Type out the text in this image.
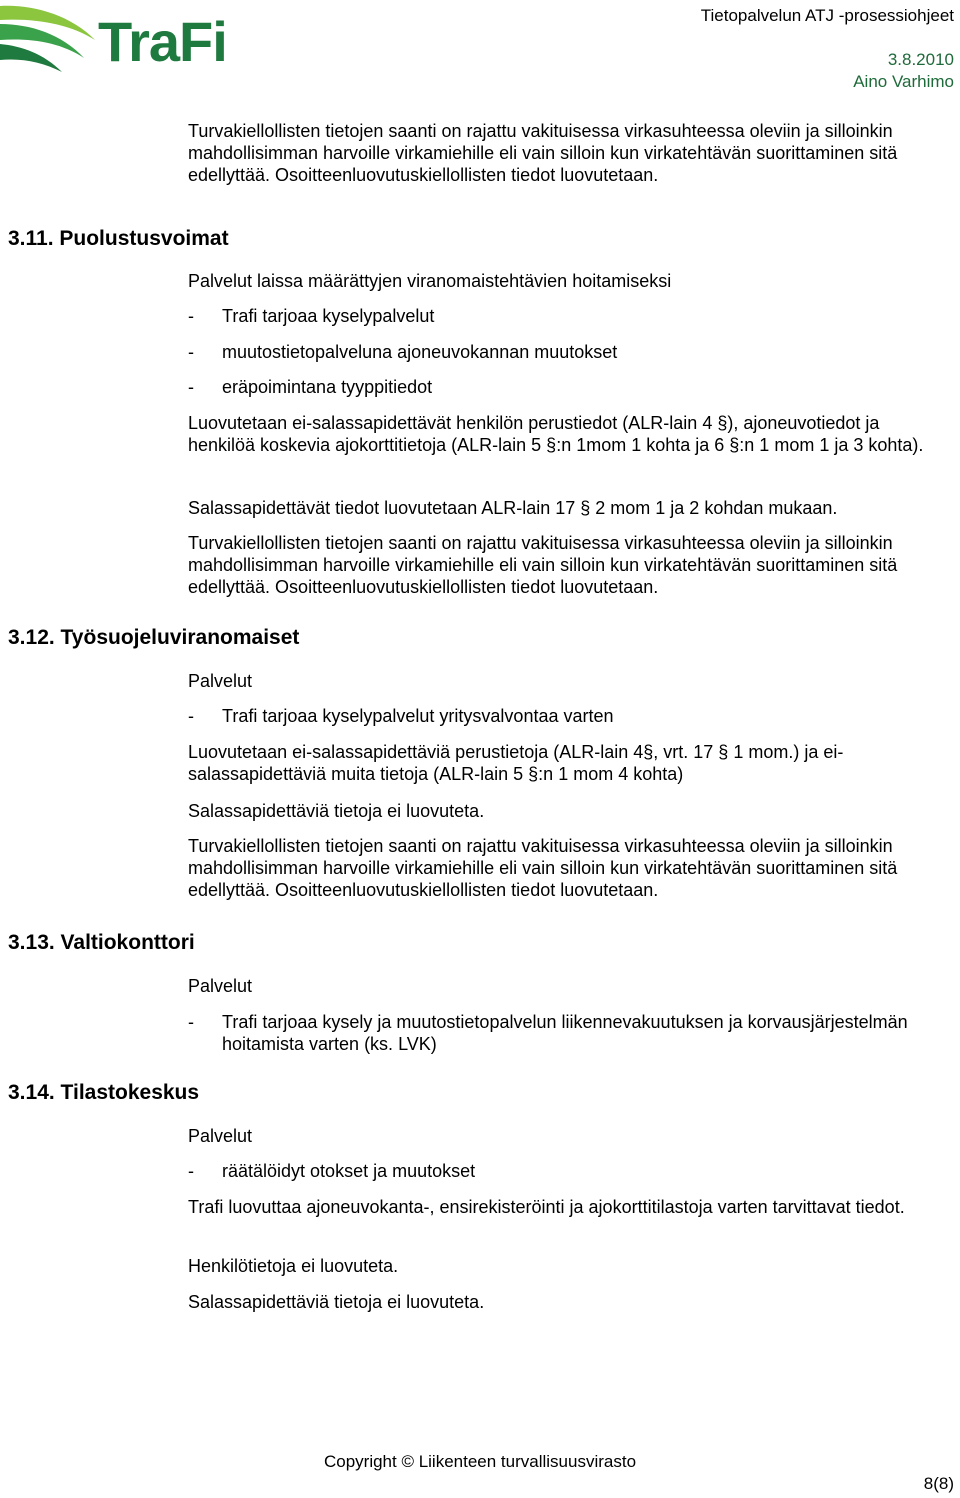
TraFi	Tietopalvelun ATJ -prosessiohjeet
3.8.2010
Aino Varhimo
Turvakiellollisten tietojen saanti on rajattu vakituisessa virkasuhteessa oleviin ja silloinkin mahdollisimman harvoille virkamiehille eli vain silloin kun virkatehtävän suorittaminen sitä edellyttää. Osoitteenluovutuskiellollisten tiedot luovutetaan.
3.11. Puolustusvoimat
Palvelut laissa määrättyjen viranomaistehtävien hoitamiseksi
- Trafi tarjoaa kyselypalvelut
- muutostietopalveluna ajoneuvokannan muutokset
- eräpoimintana tyyppitiedot
Luovutetaan ei-salassapidettävät henkilön perustiedot (ALR-lain 4 §), ajoneuvotiedot ja henkilöä koskevia ajokorttitietoja (ALR-lain 5 §:n 1mom 1 kohta ja 6 §:n 1 mom 1 ja 3 kohta).
Salassapidettävät tiedot luovutetaan ALR-lain 17 § 2 mom 1 ja 2 kohdan mukaan.
Turvakiellollisten tietojen saanti on rajattu vakituisessa virkasuhteessa oleviin ja silloinkin mahdollisimman harvoille virkamiehille eli vain silloin kun virkatehtävän suorittaminen sitä edellyttää. Osoitteenluovutuskiellollisten tiedot luovutetaan.
3.12. Työsuojeluviranomaiset
Palvelut
- Trafi tarjoaa kyselypalvelut yritysvalvontaa varten
Luovutetaan ei-salassapidettäviä perustietoja (ALR-lain 4§, vrt. 17 § 1 mom.) ja ei-salassapidettäviä muita tietoja (ALR-lain 5 §:n 1 mom 4 kohta)
Salassapidettäviä tietoja ei luovuteta.
Turvakiellollisten tietojen saanti on rajattu vakituisessa virkasuhteessa oleviin ja silloinkin mahdollisimman harvoille virkamiehille eli vain silloin kun virkatehtävän suorittaminen sitä edellyttää. Osoitteenluovutuskiellollisten tiedot luovutetaan.
3.13. Valtiokonttori
Palvelut
- Trafi tarjoaa kysely ja muutostietopalvelun liikennevakuutuksen ja korvausjärjestelmän hoitamista varten (ks. LVK)
3.14. Tilastokeskus
Palvelut
- räätälöidyt otokset ja muutokset
Trafi luovuttaa ajoneuvokanta-, ensirekisteröinti ja ajokorttitilastoja varten tarvittavat tiedot.
Henkilötietoja ei luovuteta.
Salassapidettäviä tietoja ei luovuteta.
Copyright © Liikenteen turvallisuusvirasto
8(8)
